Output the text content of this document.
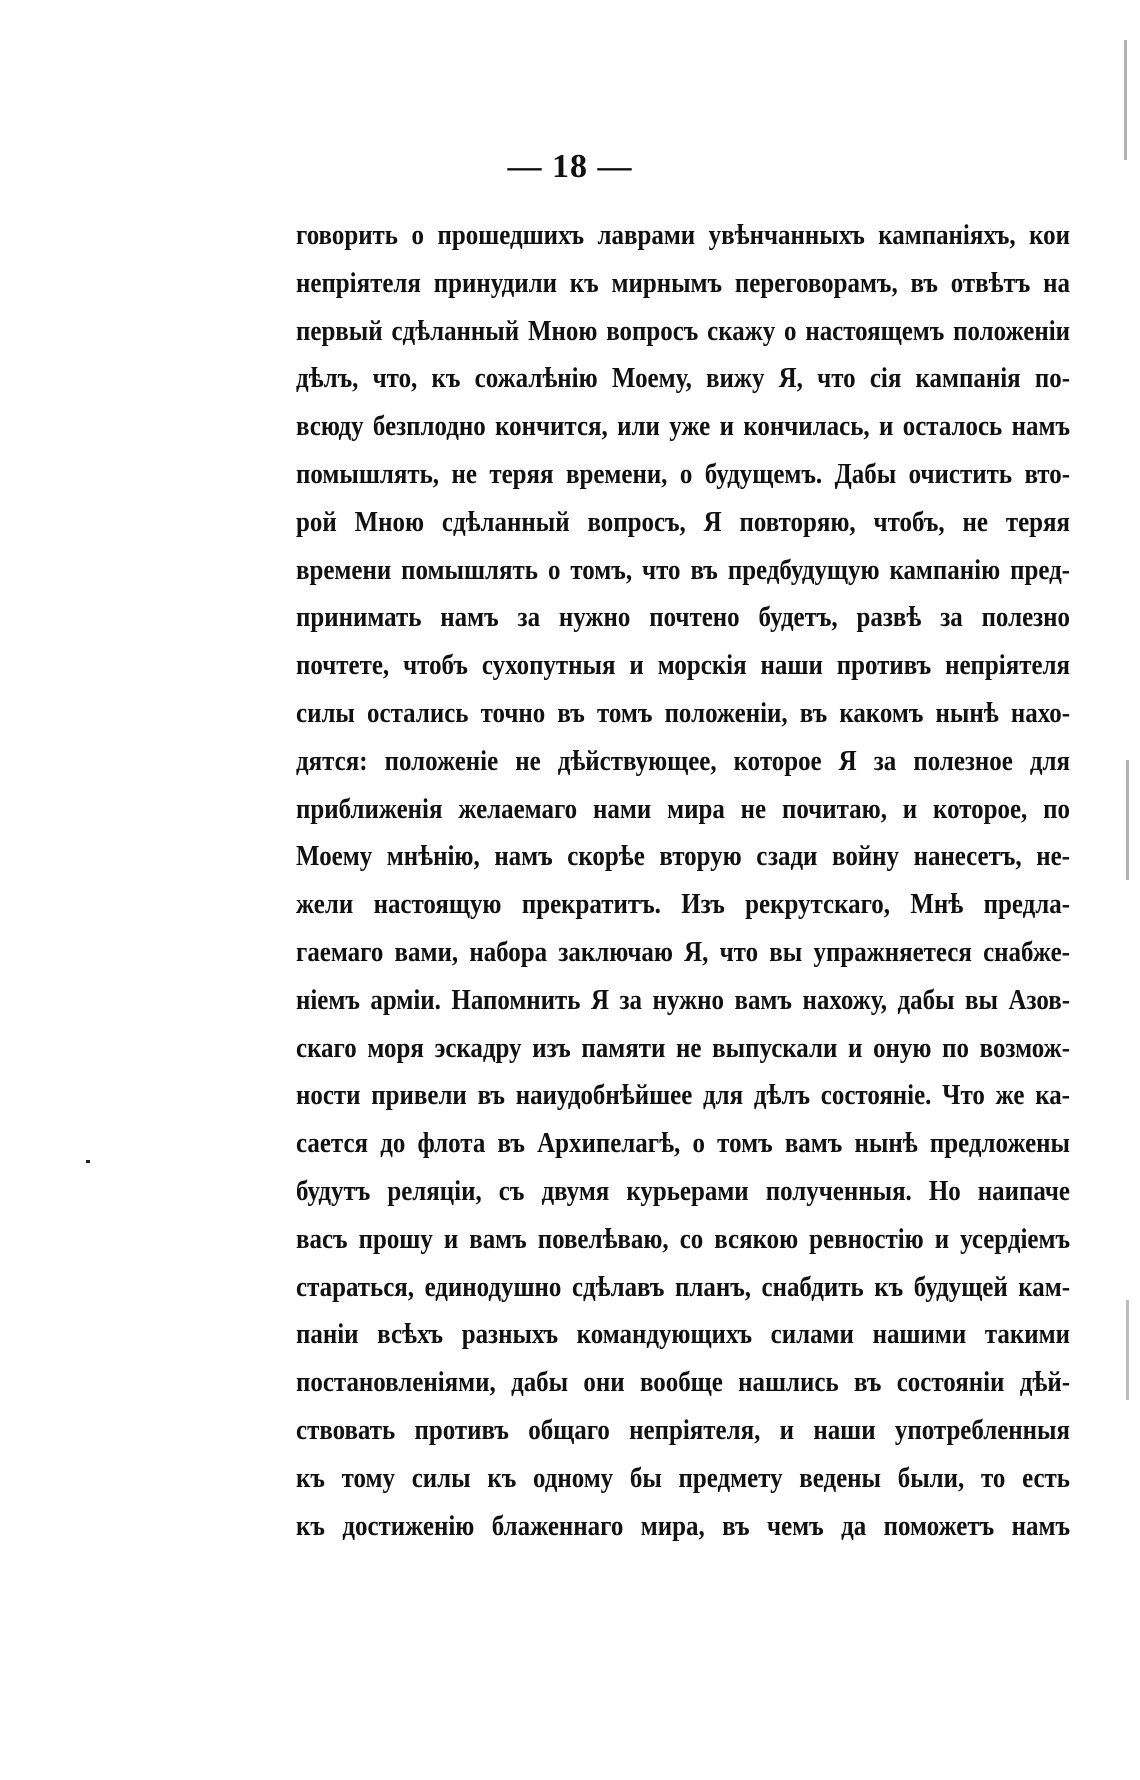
— 18 —
говорить о прошедшихъ лаврами увѣнчанныхъ кампаніяхъ, кои
непріятеля принудили къ мирнымъ переговорамъ, въ отвѣтъ на
первый сдѣланный Мною вопросъ скажу о настоящемъ положеніи
дѣлъ, что, къ сожалѣнію Моему, вижу Я, что сія кампанія по-
всюду безплодно кончится, или уже и кончилась, и осталось намъ
помышлять, не теряя времени, о будущемъ. Дабы очистить вто-
рой Мною сдѣланный вопросъ, Я повторяю, чтобъ, не теряя
времени помышлять о томъ, что въ предбудущую кампанію пред-
принимать намъ за нужно почтено будетъ, развѣ за полезно
почтете, чтобъ сухопутныя и морскія наши противъ непріятеля
силы остались точно въ томъ положеніи, въ какомъ нынѣ нахо-
дятся: положеніе не дѣйствующее, которое Я за полезное для
приближенія желаемаго нами мира не почитаю, и которое, по
Моему мнѣнію, намъ скорѣе вторую сзади войну нанесетъ, не-
жели настоящую прекратитъ. Изъ рекрутскаго, Мнѣ предла-
гаемаго вами, набора заключаю Я, что вы упражняетеся снабже-
ніемъ арміи. Напомнить Я за нужно вамъ нахожу, дабы вы Азов-
скаго моря эскадру изъ памяти не выпускали и оную по возмож-
ности привели въ наиудобнѣйшее для дѣлъ состояніе. Что же ка-
сается до флота въ Архипелагѣ, о томъ вамъ нынѣ предложены
будутъ реляціи, съ двумя курьерами полученныя. Но наипаче
васъ прошу и вамъ повелѣваю, со всякою ревностію и усердіемъ
стараться, единодушно сдѣлавъ планъ, снабдить къ будущей кам-
паніи всѣхъ разныхъ командующихъ силами нашими такими
постановленіями, дабы они вообще нашлись въ состояніи дѣй-
ствовать противъ общаго непріятеля, и наши употребленныя
къ тому силы къ одному бы предмету ведены были, то есть
къ достиженію блаженнаго мира, въ чемъ да поможетъ намъ
